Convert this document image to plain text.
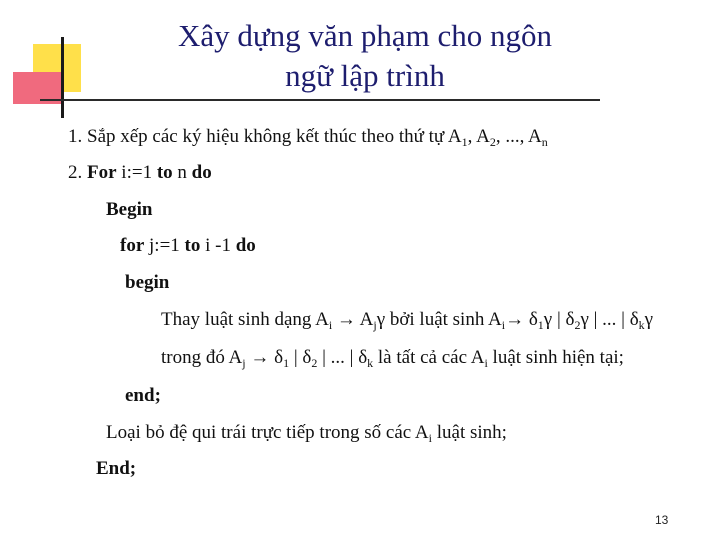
Xây dựng văn phạm cho ngôn
ngữ lập trình
1. Sắp xếp các ký hiệu không kết thúc theo thứ tự $A_1$, $A_2$, ..., $A_n$
2. For i:=1 to n do
Begin
for j:=1 to i -1 do
begin
Thay luật sinh dạng $A_i \to A_j\gamma$ bởi luật $\sinh A_i\to \delta_1\gamma$ | $\delta_2\gamma$ | ... | $\delta_k\gamma$
trong đó $A_j \to \delta_1$ | $\delta_2$ | ... | $\delta_k$ là tất cả các $A_i$ luật sinh hiện tại;
end;
Loại bỏ đệ qui trái trực tiếp trong số các $A_i$ luật sinh;
End;
13
